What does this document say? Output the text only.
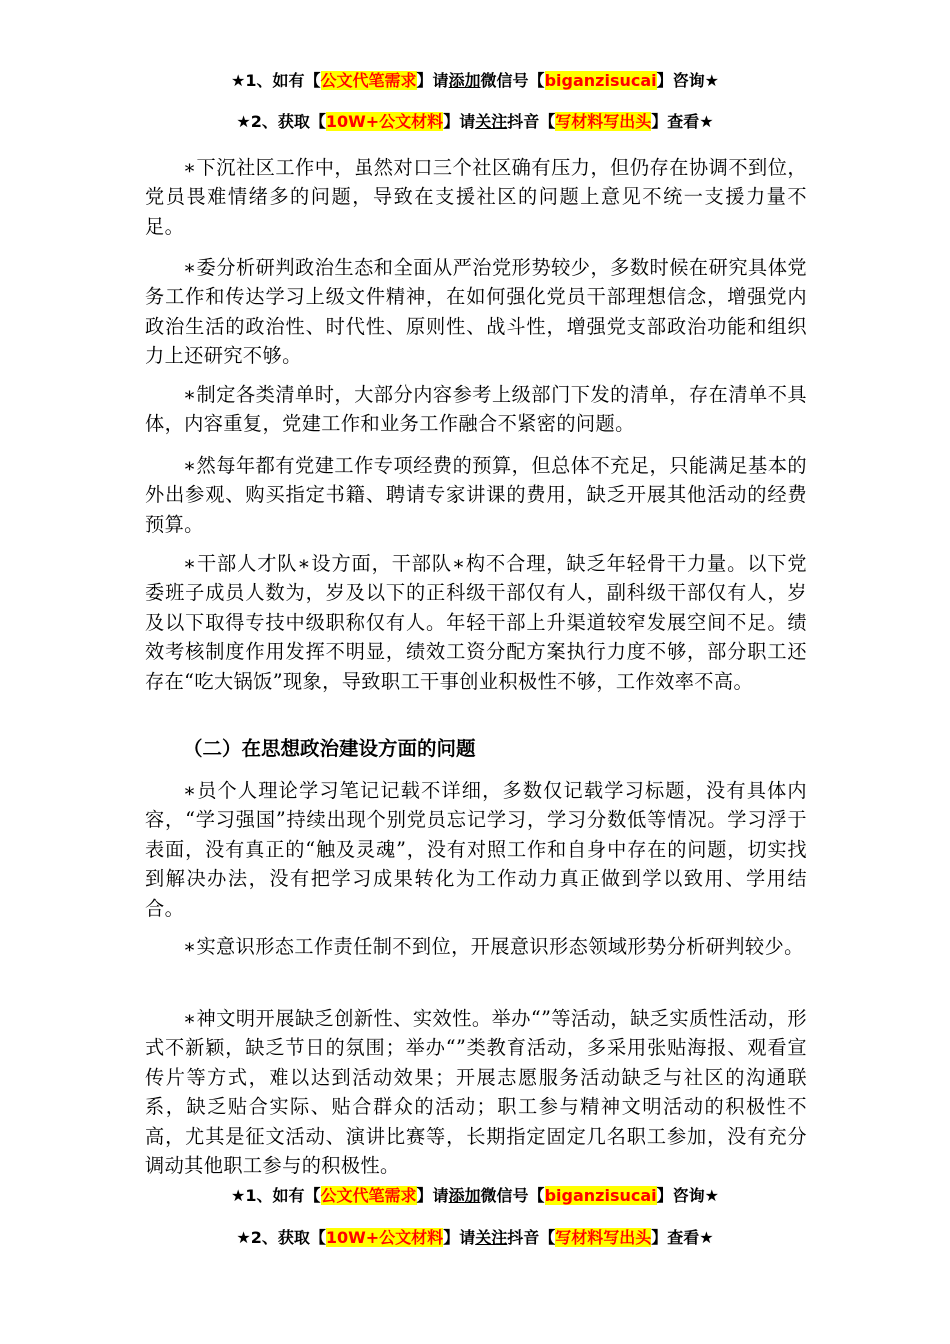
★1、如有【公文代笔需求】请添加微信号【biganzisucai】咨询★
★2、获取【10W+公文材料】请关注抖音【写材料写出头】查看★

∗下沉社区工作中，虽然对口三个社区确有压力，但仍存在协调不到位，党员畏难情绪多的问题，导致在支援社区的问题上意见不统一支援力量不足。

∗委分析研判政治生态和全面从严治党形势较少，多数时候在研究具体党务工作和传达学习上级文件精神，在如何强化党员干部理想信念，增强党内政治生活的政治性、时代性、原则性、战斗性，增强党支部政治功能和组织力上还研究不够。

∗制定各类清单时，大部分内容参考上级部门下发的清单，存在清单不具体，内容重复，党建工作和业务工作融合不紧密的问题。

∗然每年都有党建工作专项经费的预算，但总体不充足，只能满足基本的外出参观、购买指定书籍、聘请专家讲课的费用，缺乏开展其他活动的经费预算。

∗干部人才队∗设方面，干部队∗构不合理，缺乏年轻骨干力量。以下党委班子成员人数为，岁及以下的正科级干部仅有人，副科级干部仅有人，岁及以下取得专技中级职称仅有人。年轻干部上升渠道较窄发展空间不足。绩效考核制度作用发挥不明显，绩效工资分配方案执行力度不够，部分职工还存在“吃大锅饭”现象，导致职工干事创业积极性不够，工作效率不高。

（二）在思想政治建设方面的问题

∗员个人理论学习笔记记载不详细，多数仅记载学习标题，没有具体内容，“学习强国”持续出现个别党员忘记学习，学习分数低等情况。学习浮于表面，没有真正的“触及灵魂”，没有对照工作和自身中存在的问题，切实找到解决办法，没有把学习成果转化为工作动力真正做到学以致用、学用结合。

∗实意识形态工作责任制不到位，开展意识形态领域形势分析研判较少。

∗神文明开展缺乏创新性、实效性。举办“”等活动，缺乏实质性活动，形式不新颖，缺乏节日的氛围；举办“”类教育活动，多采用张贴海报、观看宣传片等方式，难以达到活动效果；开展志愿服务活动缺乏与社区的沟通联系，缺乏贴合实际、贴合群众的活动；职工参与精神文明活动的积极性不高，尤其是征文活动、演讲比赛等，长期指定固定几名职工参加，没有充分调动其他职工参与的积极性。

★1、如有【公文代笔需求】请添加微信号【biganzisucai】咨询★
★2、获取【10W+公文材料】请关注抖音【写材料写出头】查看★
